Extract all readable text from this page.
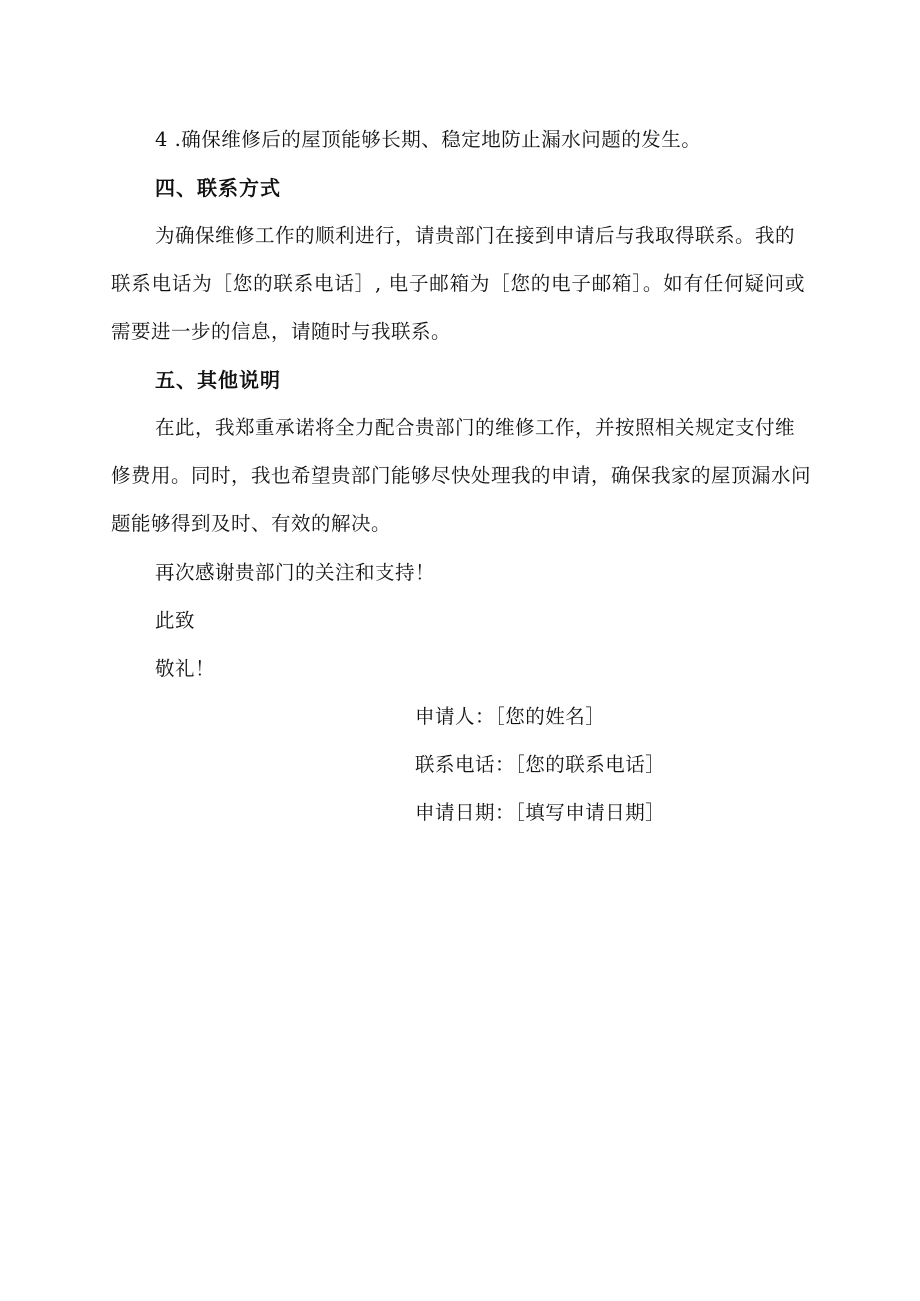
4 .确保维修后的屋顶能够长期、稳定地防止漏水问题的发生。
四、联系方式
为确保维修工作的顺利进行，请贵部门在接到申请后与我取得联系。我的
联系电话为［您的联系电话］, 电子邮箱为［您的电子邮箱］。如有任何疑问或
需要进一步的信息，请随时与我联系。
五、其他说明
在此，我郑重承诺将全力配合贵部门的维修工作，并按照相关规定支付维
修费用。同时，我也希望贵部门能够尽快处理我的申请，确保我家的屋顶漏水问
题能够得到及时、有效的解决。
再次感谢贵部门的关注和支持！
此致
敬礼！
申请人：［您的姓名］
联系电话：［您的联系电话］
申请日期：［填写申请日期］
